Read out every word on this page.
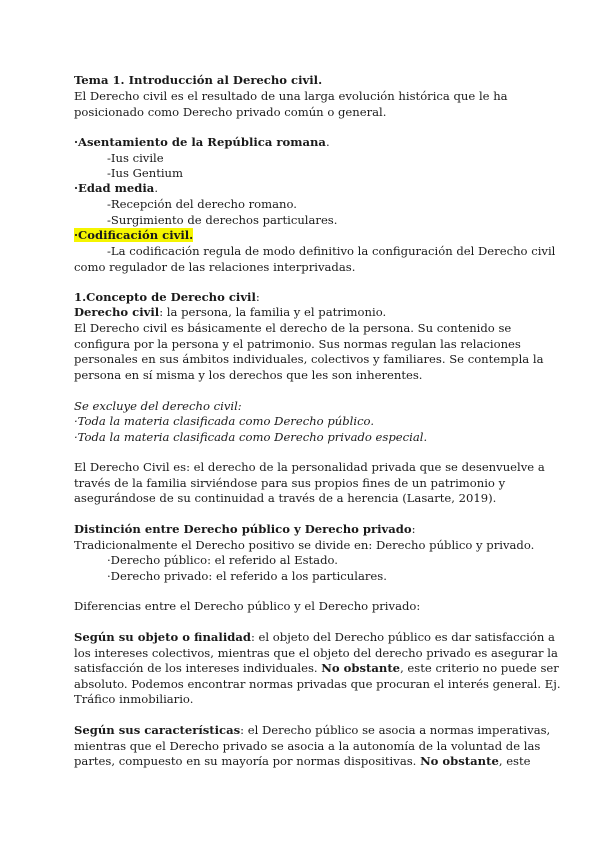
Tema 1. Introducción al Derecho civil.
El Derecho civil es el resultado de una larga evolución histórica que le ha
posicionado como Derecho privado común o general.
·Asentamiento de la República romana.
-Ius civile
-Ius Gentium
·Edad media.
-Recepción del derecho romano.
-Surgimiento de derechos particulares.
·Codificación civil.
-La codificación regula de modo definitivo la configuración del Derecho civil
como regulador de las relaciones interprivadas.
1.Concepto de Derecho civil:
Derecho civil: la persona, la familia y el patrimonio.
El Derecho civil es básicamente el derecho de la persona. Su contenido se
configura por la persona y el patrimonio. Sus normas regulan las relaciones
personales en sus ámbitos individuales, colectivos y familiares. Se contempla la
persona en sí misma y los derechos que les son inherentes.
Se excluye del derecho civil:
·Toda la materia clasificada como Derecho público.
·Toda la materia clasificada como Derecho privado especial.
El Derecho Civil es: el derecho de la personalidad privada que se desenvuelve a
través de la familia sirviéndose para sus propios fines de un patrimonio y
asegurándose de su continuidad a través de a herencia (Lasarte, 2019).
Distinción entre Derecho público y Derecho privado:
Tradicionalmente el Derecho positivo se divide en: Derecho público y privado.
·Derecho público: el referido al Estado.
·Derecho privado: el referido a los particulares.
Diferencias entre el Derecho público y el Derecho privado:
Según su objeto o finalidad: el objeto del Derecho público es dar satisfacción a
los intereses colectivos, mientras que el objeto del derecho privado es asegurar la
satisfacción de los intereses individuales. No obstante, este criterio no puede ser
absoluto. Podemos encontrar normas privadas que procuran el interés general. Ej.
Tráfico inmobiliario.
Según sus características: el Derecho público se asocia a normas imperativas,
mientras que el Derecho privado se asocia a la autonomía de la voluntad de las
partes, compuesto en su mayoría por normas dispositivas. No obstante, este
